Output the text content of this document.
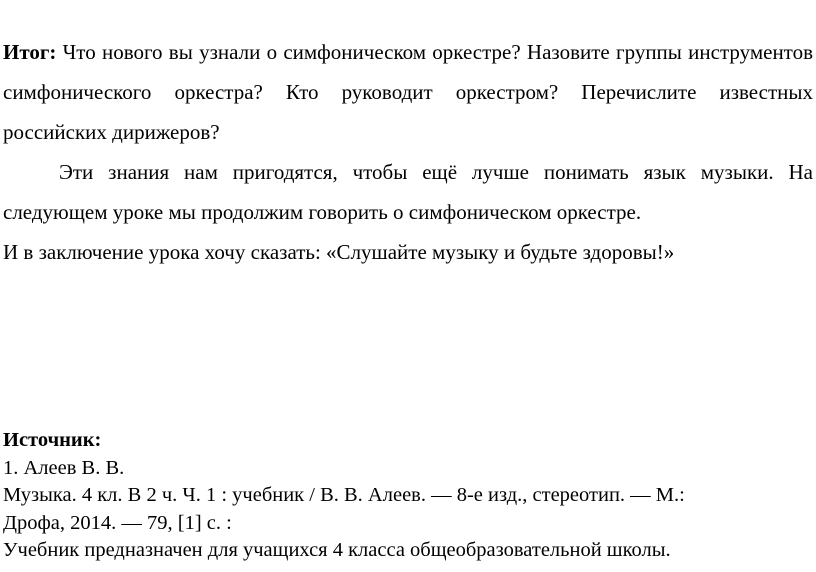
Итог: Что нового вы узнали о симфоническом оркестре? Назовите группы инструментов симфонического оркестра? Кто руководит оркестром? Перечислите известных российских дирижеров?

Эти знания нам пригодятся, чтобы ещё лучше понимать язык музыки. На следующем уроке мы продолжим говорить о симфоническом оркестре.

И в заключение урока хочу сказать: «Слушайте музыку и будьте здоровы!»

Источник:
1. Алеев В. В.
Музыка. 4 кл. В 2 ч. Ч. 1 : учебник / В. В. Алеев. — 8-е изд., стереотип. — М.:
Дрофа, 2014. — 79, [1] с. :
Учебник предназначен для учащихся 4 класса общеобразовательной школы.
